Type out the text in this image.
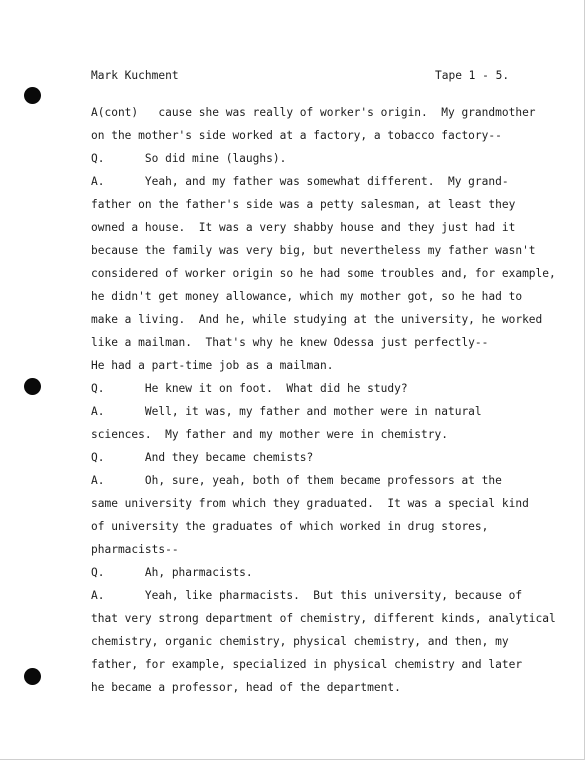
Mark Kuchment	Tape 1 - 5.
A(cont)   cause she was really of worker's origin.  My grandmother
on the mother's side worked at a factory, a tobacco factory--
Q.      So did mine (laughs).
A.      Yeah, and my father was somewhat different.  My grand-
father on the father's side was a petty salesman, at least they
owned a house.  It was a very shabby house and they just had it
because the family was very big, but nevertheless my father wasn't
considered of worker origin so he had some troubles and, for example,
he didn't get money allowance, which my mother got, so he had to
make a living.  And he, while studying at the university, he worked
like a mailman.  That's why he knew Odessa just perfectly--
He had a part-time job as a mailman.
Q.      He knew it on foot.  What did he study?
A.      Well, it was, my father and mother were in natural
sciences.  My father and my mother were in chemistry.
Q.      And they became chemists?
A.      Oh, sure, yeah, both of them became professors at the
same university from which they graduated.  It was a special kind
of university the graduates of which worked in drug stores,
pharmacists--
Q.      Ah, pharmacists.
A.      Yeah, like pharmacists.  But this university, because of
that very strong department of chemistry, different kinds, analytical
chemistry, organic chemistry, physical chemistry, and then, my
father, for example, specialized in physical chemistry and later
he became a professor, head of the department.
